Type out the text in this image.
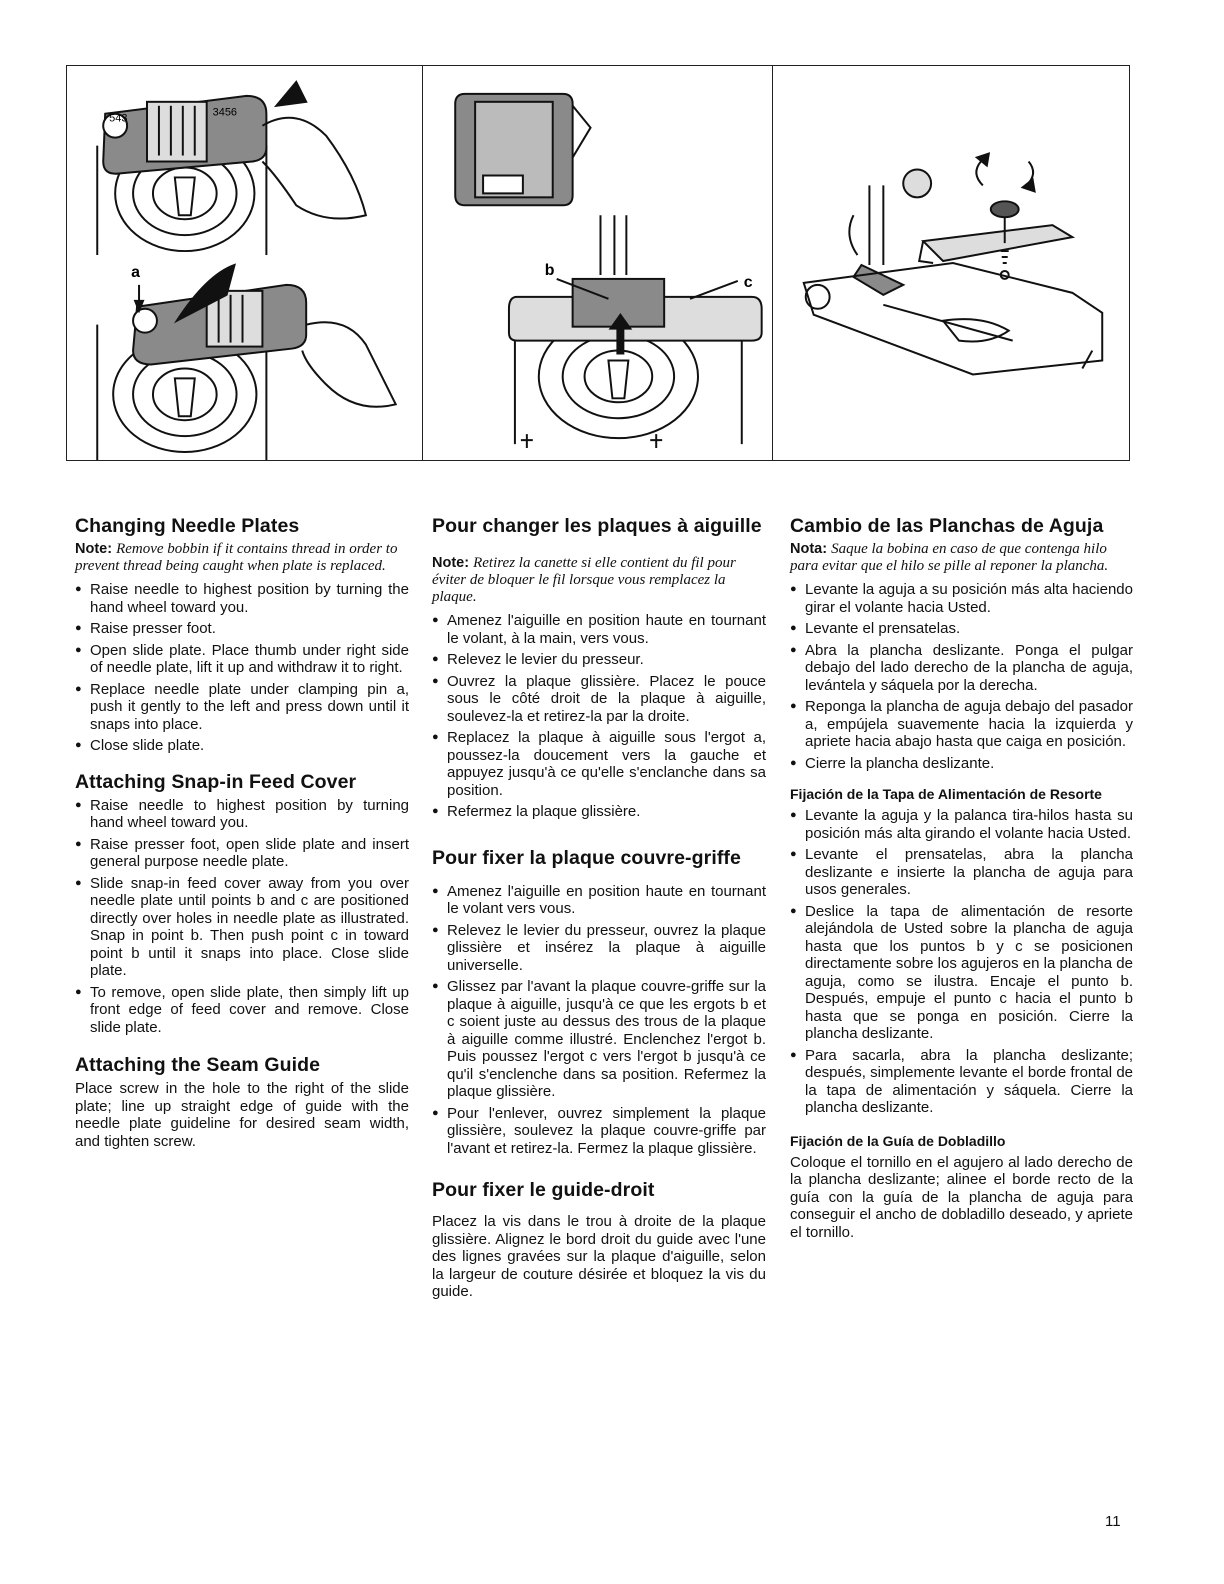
a
543	3456
b
c
Changing Needle Plates

Note: Remove bobbin if it contains thread in order to prevent thread being caught when plate is replaced.

● Raise needle to highest position by turning the hand wheel toward you.
● Raise presser foot.
● Open slide plate. Place thumb under right side of needle plate, lift it up and withdraw it to right.
● Replace needle plate under clamping pin a, push it gently to the left and press down until it snaps into place.
● Close slide plate.
Attaching Snap-in Feed Cover
● Raise needle to highest position by turning hand wheel toward you.
● Raise presser foot, open slide plate and insert general purpose needle plate.
● Slide snap-in feed cover away from you over needle plate until points b and c are positioned directly over holes in needle plate as illustrated. Snap in point b. Then push point c in toward point b until it snaps into place. Close slide plate.
● To remove, open slide plate, then simply lift up front edge of feed cover and remove. Close slide plate.
Attaching the Seam Guide

Place screw in the hole to the right of the slide plate; line up straight edge of guide with the needle plate guideline for desired seam width, and tighten screw.

Pour changer les plaques à aiguille

Note: Retirez la canette si elle contient du fil pour éviter de bloquer le fil lorsque vous remplacez la plaque.

● Amenez l'aiguille en position haute en tournant le volant, à la main, vers vous.
● Relevez le levier du presseur.
● Ouvrez la plaque glissière. Placez le pouce sous le côté droit de la plaque à aiguille, soulevez-la et retirez-la par la droite.
● Replacez la plaque à aiguille sous l'ergot a, poussez-la doucement vers la gauche et appuyez jusqu'à ce qu'elle s'enclanche dans sa position.
● Refermez la plaque glissière.
Pour fixer la plaque couvre-griffe
● Amenez l'aiguille en position haute en tournant le volant vers vous.
● Relevez le levier du presseur, ouvrez la plaque glissière et insérez la plaque à aiguille universelle.
● Glissez par l'avant la plaque couvre-griffe sur la plaque à aiguille, jusqu'à ce que les ergots b et c soient juste au dessus des trous de la plaque à aiguille comme illustré. Enclenchez l'ergot b. Puis poussez l'ergot c vers l'ergot b jusqu'à ce qu'il s'enclenche dans sa position. Refermez la plaque glissière.
● Pour l'enlever, ouvrez simplement la plaque glissière, soulevez la plaque couvre-griffe par l'avant et retirez-la. Fermez la plaque glissière.
Pour fixer le guide-droit

Placez la vis dans le trou à droite de la plaque glissière. Alignez le bord droit du guide avec l'une des lignes gravées sur la plaque d'aiguille, selon la largeur de couture désirée et bloquez la vis du guide.

Cambio de las Planchas de Aguja

Nota: Saque la bobina en caso de que contenga hilo para evitar que el hilo se pille al reponer la plancha.

● Levante la aguja a su posición más alta haciendo girar el volante hacia Usted.
● Levante el prensatelas.
● Abra la plancha deslizante. Ponga el pulgar debajo del lado derecho de la plancha de aguja, levántela y sáquela por la derecha.
● Reponga la plancha de aguja debajo del pasador a, empújela suavemente hacia la izquierda y apriete hacia abajo hasta que caiga en posición.
● Cierre la plancha deslizante.
Fijación de la Tapa de Alimentación de Resorte
● Levante la aguja y la palanca tira-hilos hasta su posición más alta girando el volante hacia Usted.
● Levante el prensatelas, abra la plancha deslizante e insierte la plancha de aguja para usos generales.
● Deslice la tapa de alimentación de resorte alejándola de Usted sobre la plancha de aguja hasta que los puntos b y c se posicionen directamente sobre los agujeros en la plancha de aguja, como se ilustra. Encaje el punto b. Después, empuje el punto c hacia el punto b hasta que se ponga en posición. Cierre la plancha deslizante.
● Para sacarla, abra la plancha deslizante; después, simplemente levante el borde frontal de la tapa de alimentación y sáquela. Cierre la plancha deslizante.
Fijación de la Guía de Dobladillo

Coloque el tornillo en el agujero al lado derecho de la plancha deslizante; alinee el borde recto de la guía con la guía de la plancha de aguja para conseguir el ancho de dobladillo deseado, y apriete el tornillo.

11
